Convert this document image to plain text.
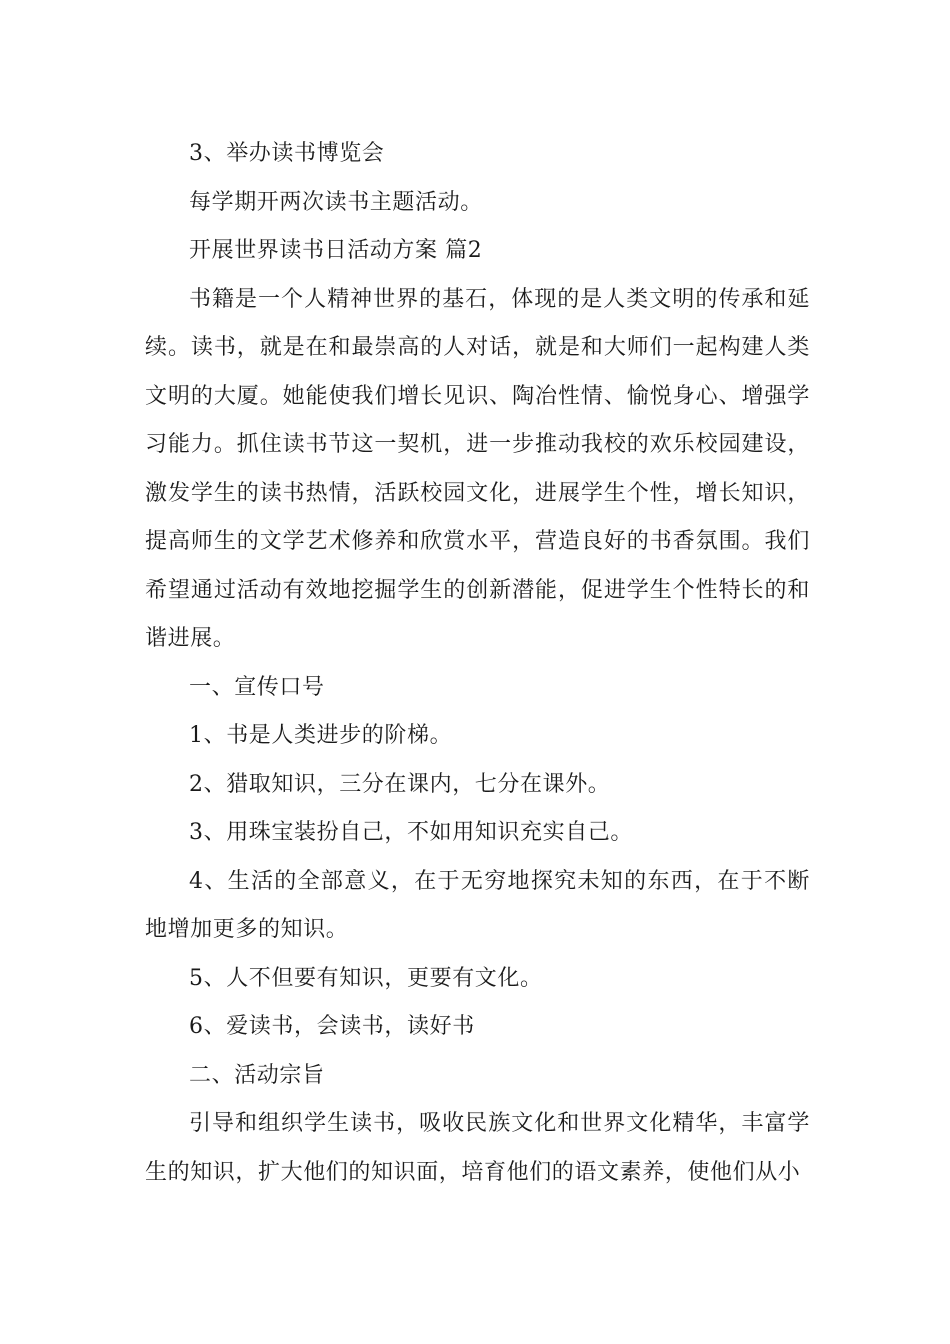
3、举办读书博览会

每学期开两次读书主题活动。

开展世界读书日活动方案 篇2

书籍是一个人精神世界的基石，体现的是人类文明的传承和延续。读书，就是在和最崇高的人对话，就是和大师们一起构建人类文明的大厦。她能使我们增长见识、陶冶性情、愉悦身心、增强学习能力。抓住读书节这一契机，进一步推动我校的欢乐校园建设，激发学生的读书热情，活跃校园文化，进展学生个性，增长知识，提高师生的文学艺术修养和欣赏水平，营造良好的书香氛围。我们希望通过活动有效地挖掘学生的创新潜能，促进学生个性特长的和谐进展。

一、宣传口号

1、书是人类进步的阶梯。

2、猎取知识，三分在课内，七分在课外。

3、用珠宝装扮自己，不如用知识充实自己。

4、生活的全部意义，在于无穷地探究未知的东西，在于不断地增加更多的知识。

5、人不但要有知识，更要有文化。

6、爱读书，会读书，读好书

二、活动宗旨

引导和组织学生读书，吸收民族文化和世界文化精华，丰富学生的知识，扩大他们的知识面，培育他们的语文素养，使他们从小
